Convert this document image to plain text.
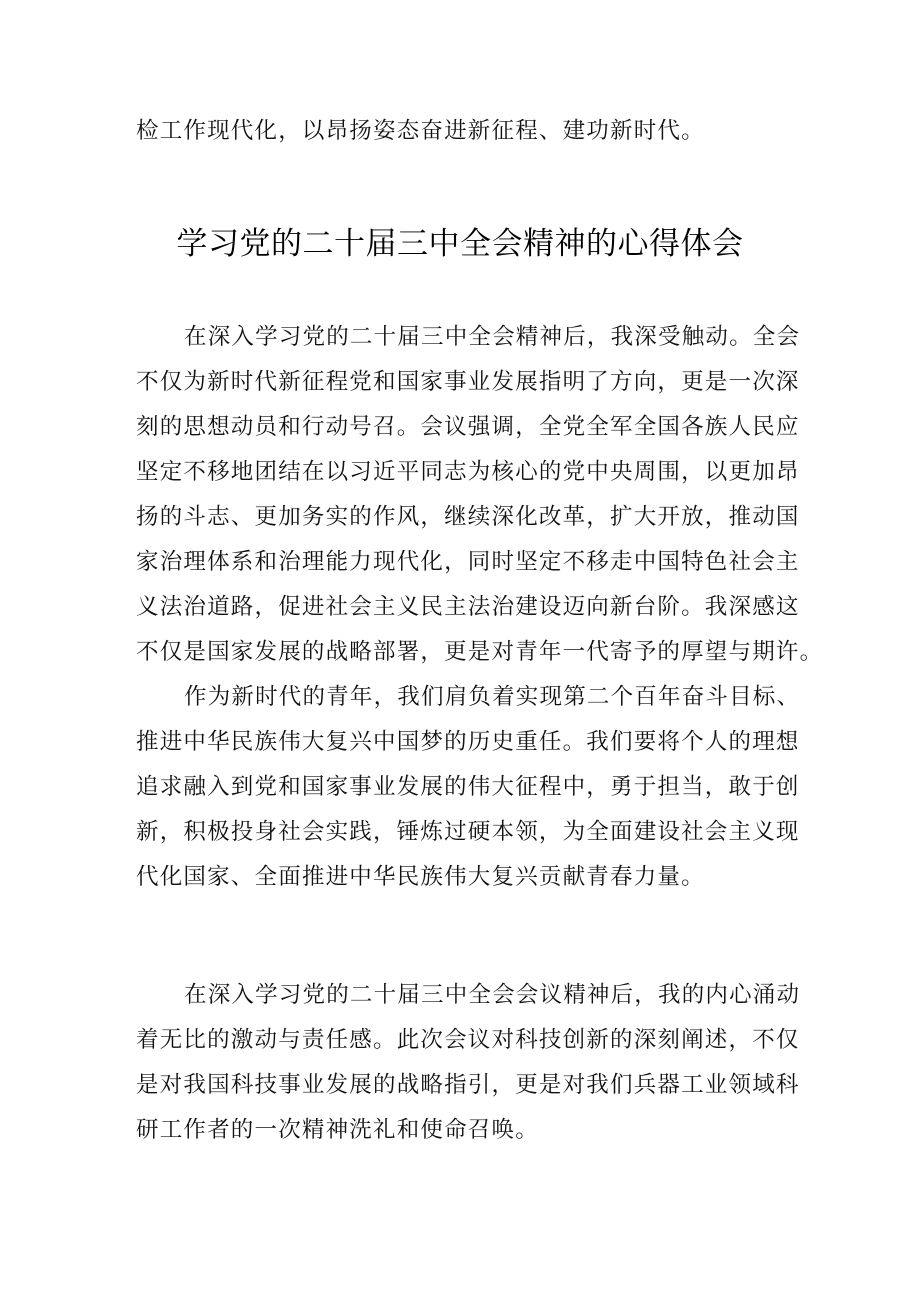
检工作现代化，以昂扬姿态奋进新征程、建功新时代。
学习党的二十届三中全会精神的心得体会
在深入学习党的二十届三中全会精神后，我深受触动。全会
不仅为新时代新征程党和国家事业发展指明了方向，更是一次深
刻的思想动员和行动号召。会议强调，全党全军全国各族人民应
坚定不移地团结在以习近平同志为核心的党中央周围，以更加昂
扬的斗志、更加务实的作风，继续深化改革，扩大开放，推动国
家治理体系和治理能力现代化，同时坚定不移走中国特色社会主
义法治道路，促进社会主义民主法治建设迈向新台阶。我深感这
不仅是国家发展的战略部署，更是对青年一代寄予的厚望与期许。
作为新时代的青年，我们肩负着实现第二个百年奋斗目标、
推进中华民族伟大复兴中国梦的历史重任。我们要将个人的理想
追求融入到党和国家事业发展的伟大征程中，勇于担当，敢于创
新，积极投身社会实践，锤炼过硬本领，为全面建设社会主义现
代化国家、全面推进中华民族伟大复兴贡献青春力量。
在深入学习党的二十届三中全会会议精神后，我的内心涌动
着无比的激动与责任感。此次会议对科技创新的深刻阐述，不仅
是对我国科技事业发展的战略指引，更是对我们兵器工业领域科
研工作者的一次精神洗礼和使命召唤。
